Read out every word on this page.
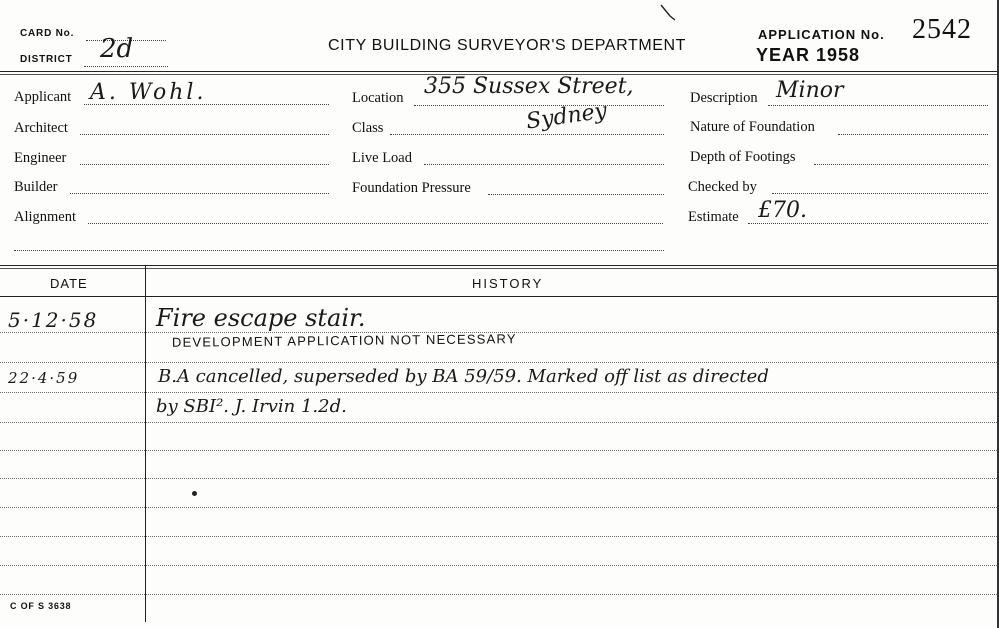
CARD No.
DISTRICT 2d	CITY BUILDING SURVEYOR'S DEPARTMENT
APPLICATION No. 2542
YEAR 1958
Applicant A. Wohl.
Architect
Engineer
Builder
Alignment
Location 355 Sussex Street,
Sydney
Class
Live Load
Foundation Pressure
Description Minor
Nature of Foundation
Depth of Footings
Checked by
Estimate £70.
DATE	HISTORY
5·12·58 Fire escape stair.
DEVELOPMENT APPLICATION NOT NECESSARY
22·4·59	B.A cancelled, superseded by BA 59/59. Marked off list as directed
by SBI². J. Irvin 1.2d.
C OF S 3638
